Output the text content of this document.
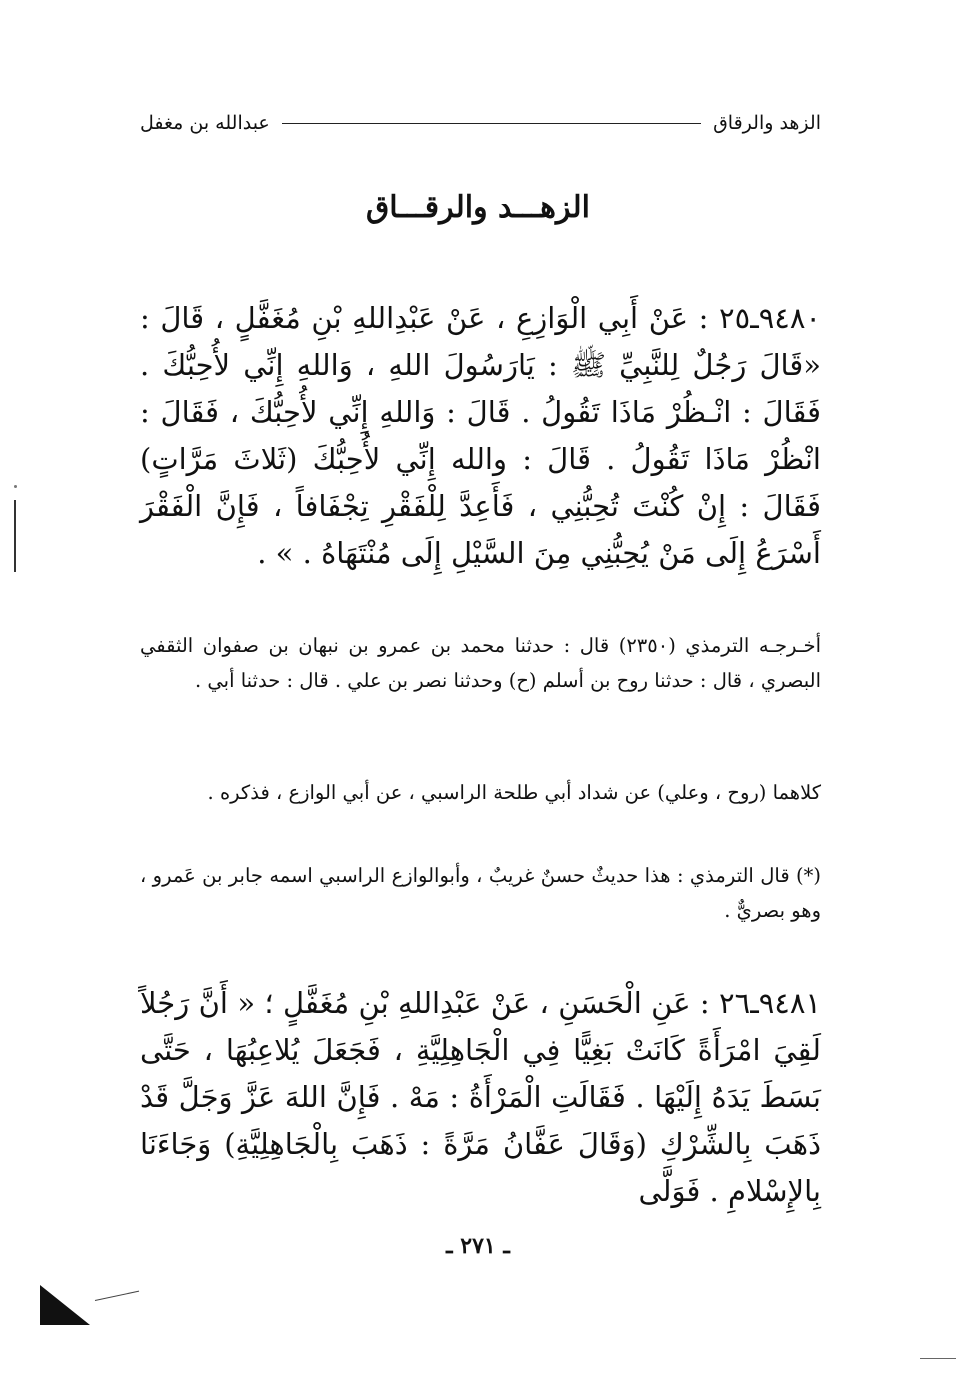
الزهد والرقاق
عبدالله بن مغفل
الزهـــد والرقـــاق

٩٤٨٠ـ٢٥ : عَنْ أَبِي الْوَازِعِ ، عَنْ عَبْدِاللهِ بْنِ مُغَفَّلٍ ، قَالَ : «قَالَ رَجُلٌ لِلنَّبِيِّ ﷺ : يَارَسُولَ اللهِ ، وَاللهِ إِنِّي لأُحِبُّكَ . فَقَالَ : انْـظُرْ مَاذَا تَقُولُ . قَالَ : وَاللهِ إِنِّي لأُحِبُّكَ ، فَقَالَ : انْظُرْ مَاذَا تَقُولُ . قَالَ : والله إِنِّي لأُحِبُّكَ (ثَلاثَ مَرَّاتٍ) فَقَالَ : إِنْ كُنْتَ تُحِبُّنِي ، فَأَعِدَّ لِلْفَقْرِ تِجْفَافاً ، فَإِنَّ الْفَقْرَ أَسْرَعُ إِلَى مَنْ يُحِبُّنِي مِنَ السَّيْلِ إِلَى مُنْتَهَاهُ . » .

أخـرجـه الترمذي (٢٣٥٠) قال : حدثنا محمد بن عمرو بن نبهان بن صفوان الثقفي البصري ، قال : حدثنا روح بن أسلم (ح) وحدثنا نصر بن علي . قال : حدثنا أبي .

كلاهما (روح ، وعلي) عن شداد أبي طلحة الراسبي ، عن أبي الوازع ، فذكره .

(*) قال الترمذي : هذا حديثٌ حسنٌ غريبٌ ، وأبوالوازع الراسبي اسمه جابر بن عَمرو ، وهو بصريٌّ .

٩٤٨١ـ٢٦ : عَنِ الْحَسَنِ ، عَنْ عَبْدِاللهِ بْنِ مُغَفَّلٍ ؛ « أَنَّ رَجُلاً لَقِيَ امْرَأَةً كَانَتْ بَغِيًّا فِي الْجَاهِلِيَّةِ ، فَجَعَلَ يُلاعِبُهَا ، حَتَّى بَسَطَ يَدَهُ إِلَيْهَا . فَقَالَتِ الْمَرْأَةُ : مَهْ . فَإِنَّ اللهَ عَزَّ وَجَلَّ قَدْ ذَهَبَ بِالشِّرْكِ (وَقَالَ عَفَّانُ مَرَّةً : ذَهَبَ بِالْجَاهِلِيَّةِ) وَجَاءَنَا بِالإِسْلامِ . فَوَلَّى

ـ ٢٧١ ـ
